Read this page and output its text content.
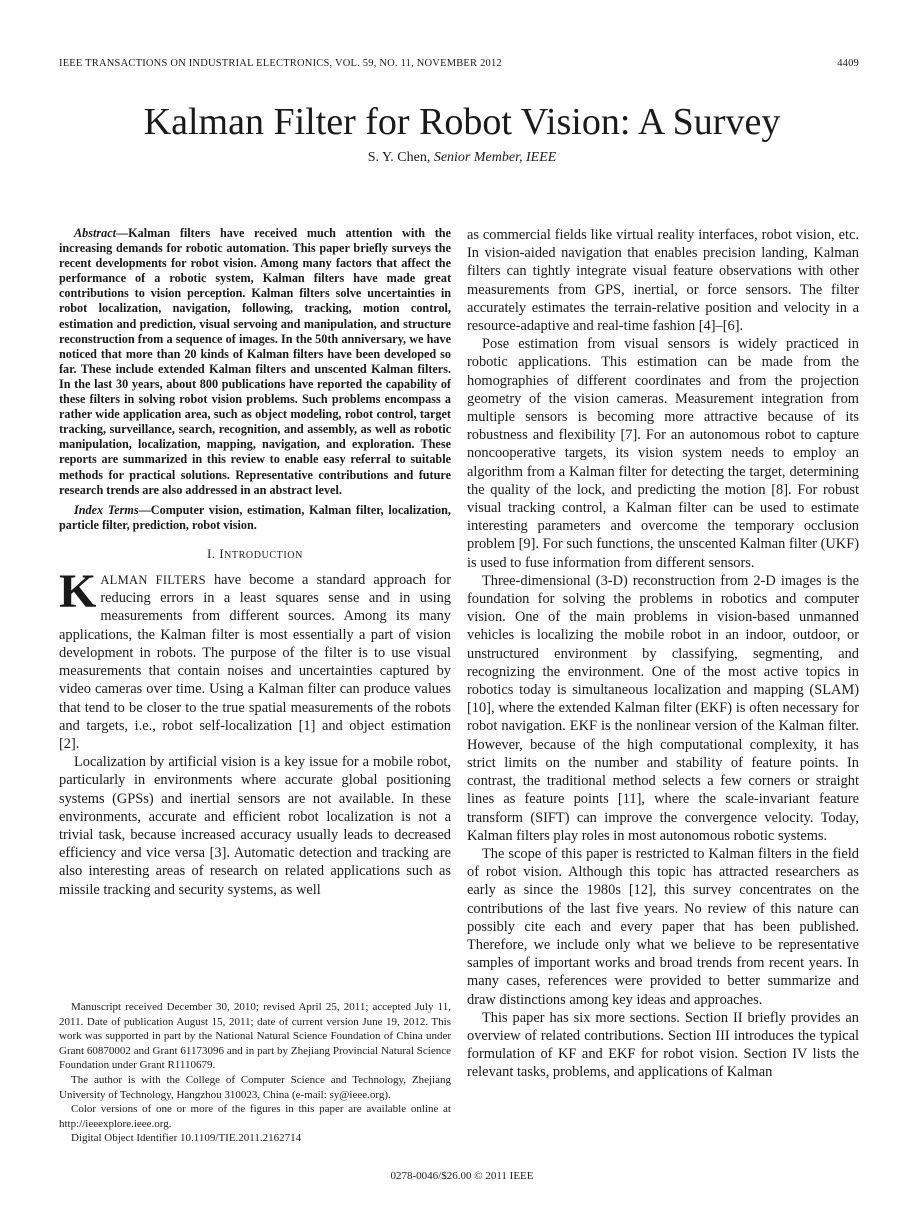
IEEE TRANSACTIONS ON INDUSTRIAL ELECTRONICS, VOL. 59, NO. 11, NOVEMBER 2012	4409
Kalman Filter for Robot Vision: A Survey
S. Y. Chen, Senior Member, IEEE

Abstract—Kalman filters have received much attention with the increasing demands for robotic automation. This paper briefly surveys the recent developments for robot vision. Among many factors that affect the performance of a robotic system, Kalman filters have made great contributions to vision perception. Kalman filters solve uncertainties in robot localization, navigation, following, tracking, motion control, estimation and prediction, visual servoing and manipulation, and structure reconstruction from a sequence of images. In the 50th anniversary, we have noticed that more than 20 kinds of Kalman filters have been developed so far. These include extended Kalman filters and unscented Kalman filters. In the last 30 years, about 800 publications have reported the capability of these filters in solving robot vision problems. Such problems encompass a rather wide application area, such as object modeling, robot control, target tracking, surveillance, search, recognition, and assembly, as well as robotic manipulation, localization, mapping, navigation, and exploration. These reports are summarized in this review to enable easy referral to suitable methods for practical solutions. Representative contributions and future research trends are also addressed in an abstract level.

Index Terms—Computer vision, estimation, Kalman filter, localization, particle filter, prediction, robot vision.

I. INTRODUCTION

KALMAN FILTERS have become a standard approach for reducing errors in a least squares sense and in using measurements from different sources. Among its many applications, the Kalman filter is most essentially a part of vision development in robots. The purpose of the filter is to use visual measurements that contain noises and uncertainties captured by video cameras over time. Using a Kalman filter can produce values that tend to be closer to the true spatial measurements of the robots and targets, i.e., robot self-localization [1] and object estimation [2].

Localization by artificial vision is a key issue for a mobile robot, particularly in environments where accurate global positioning systems (GPSs) and inertial sensors are not available. In these environments, accurate and efficient robot localization is not a trivial task, because increased accuracy usually leads to decreased efficiency and vice versa [3]. Automatic detection and tracking are also interesting areas of research on related applications such as missile tracking and security systems, as well

as commercial fields like virtual reality interfaces, robot vision, etc. In vision-aided navigation that enables precision landing, Kalman filters can tightly integrate visual feature observations with other measurements from GPS, inertial, or force sensors. The filter accurately estimates the terrain-relative position and velocity in a resource-adaptive and real-time fashion [4]–[6].

Pose estimation from visual sensors is widely practiced in robotic applications. This estimation can be made from the homographies of different coordinates and from the projection geometry of the vision cameras. Measurement integration from multiple sensors is becoming more attractive because of its robustness and flexibility [7]. For an autonomous robot to capture noncooperative targets, its vision system needs to employ an algorithm from a Kalman filter for detecting the target, determining the quality of the lock, and predicting the motion [8]. For robust visual tracking control, a Kalman filter can be used to estimate interesting parameters and overcome the temporary occlusion problem [9]. For such functions, the unscented Kalman filter (UKF) is used to fuse information from different sensors.

Three-dimensional (3-D) reconstruction from 2-D images is the foundation for solving the problems in robotics and computer vision. One of the main problems in vision-based unmanned vehicles is localizing the mobile robot in an indoor, outdoor, or unstructured environment by classifying, segmenting, and recognizing the environment. One of the most active topics in robotics today is simultaneous localization and mapping (SLAM) [10], where the extended Kalman filter (EKF) is often necessary for robot navigation. EKF is the nonlinear version of the Kalman filter. However, because of the high computational complexity, it has strict limits on the number and stability of feature points. In contrast, the traditional method selects a few corners or straight lines as feature points [11], where the scale-invariant feature transform (SIFT) can improve the convergence velocity. Today, Kalman filters play roles in most autonomous robotic systems.

The scope of this paper is restricted to Kalman filters in the field of robot vision. Although this topic has attracted researchers as early as since the 1980s [12], this survey concentrates on the contributions of the last five years. No review of this nature can possibly cite each and every paper that has been published. Therefore, we include only what we believe to be representative samples of important works and broad trends from recent years. In many cases, references were provided to better summarize and draw distinctions among key ideas and approaches.

This paper has six more sections. Section II briefly provides an overview of related contributions. Section III introduces the typical formulation of KF and EKF for robot vision. Section IV lists the relevant tasks, problems, and applications of Kalman

Manuscript received December 30, 2010; revised April 25, 2011; accepted July 11, 2011. Date of publication August 15, 2011; date of current version June 19, 2012. This work was supported in part by the National Natural Science Foundation of China under Grant 60870002 and Grant 61173096 and in part by Zhejiang Provincial Natural Science Foundation under Grant R1110679.

The author is with the College of Computer Science and Technology, Zhejiang University of Technology, Hangzhou 310023, China (e-mail: sy@ieee.org).

Color versions of one or more of the figures in this paper are available online at http://ieeexplore.ieee.org.

Digital Object Identifier 10.1109/TIE.2011.2162714

0278-0046/$26.00 © 2011 IEEE
